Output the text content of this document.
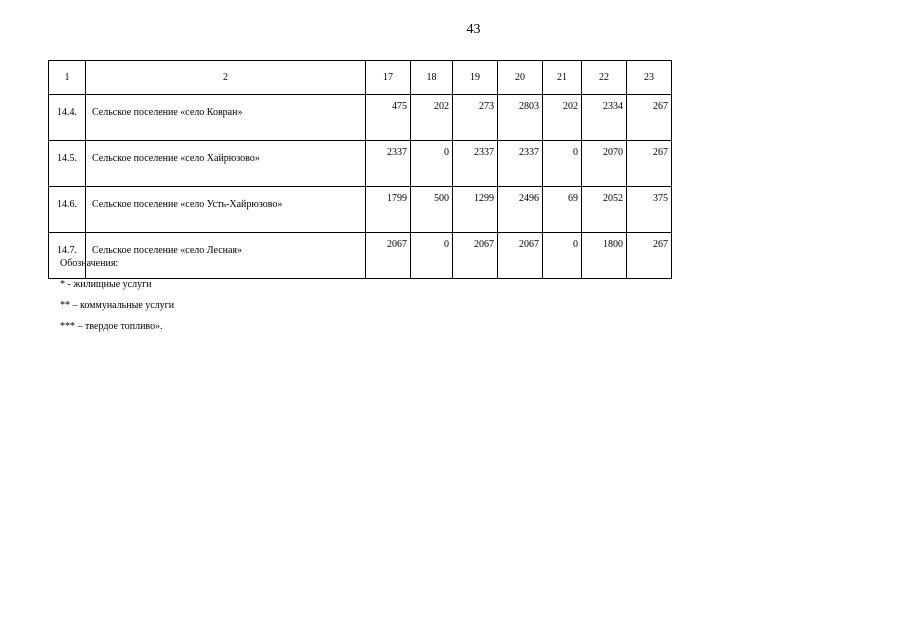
43
1	2	17	18	19	20	21	22	23
14.4.	Сельское поселение «село Ковран»	475	202	273	2803	202	2334	267
14.5.	Сельское поселение «село Хайрюзово»	2337	0	2337	2337	0	2070	267
14.6.	Сельское поселение «село Усть-Хайрюзово»	1799	500	1299	2496	69	2052	375
14.7.	Сельское поселение «село Лесная»	2067	0	2067	2067	0	1800	267
Обозначения:
* - жилищные услуги
** – коммунальные услуги
*** – твердое топливо».
